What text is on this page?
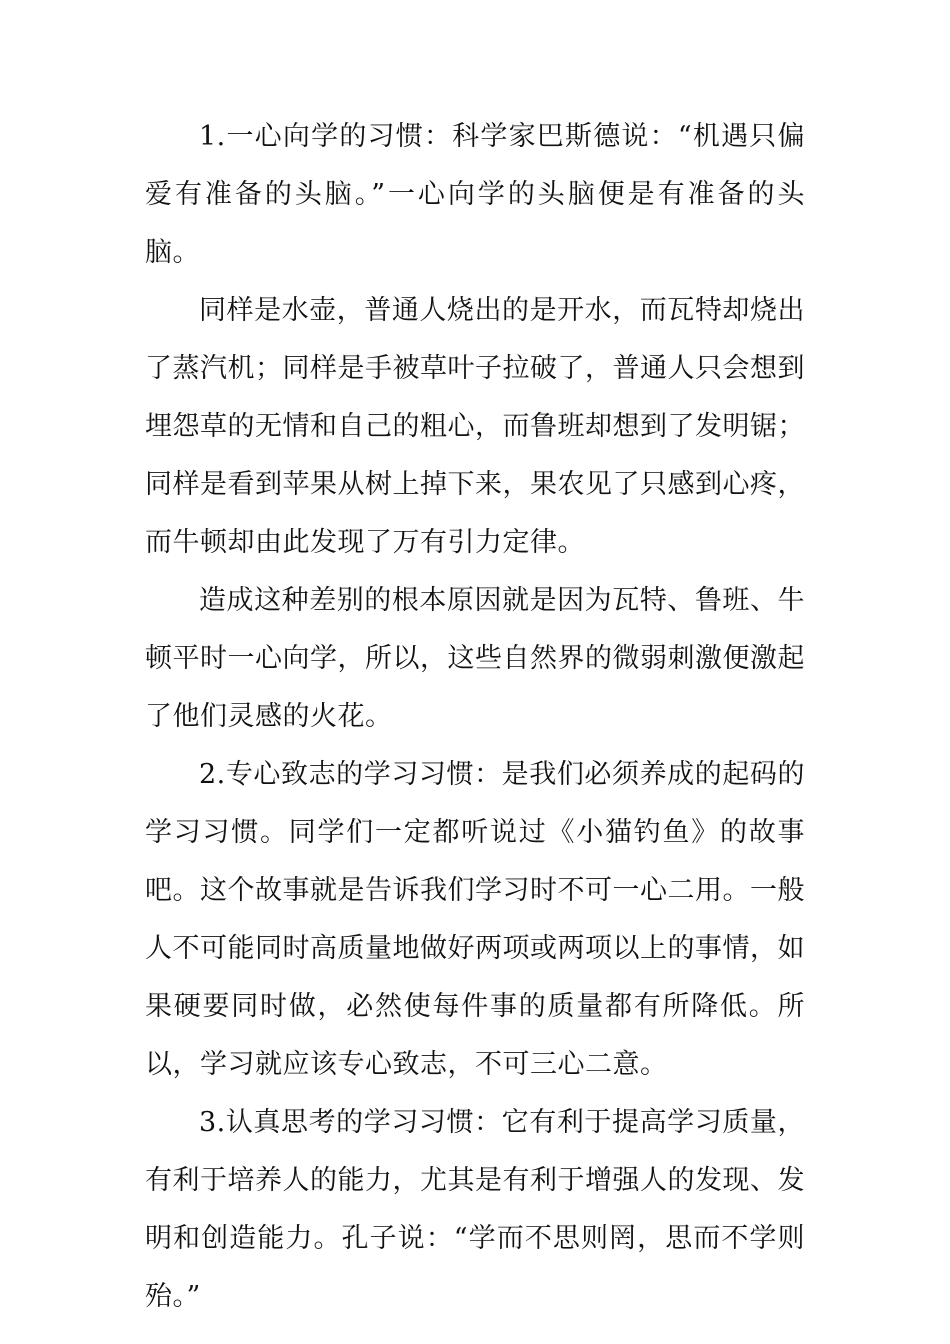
1.一心向学的习惯：科学家巴斯德说：“机遇只偏爱有准备的头脑。”一心向学的头脑便是有准备的头脑。

同样是水壶，普通人烧出的是开水，而瓦特却烧出了蒸汽机；同样是手被草叶子拉破了，普通人只会想到埋怨草的无情和自己的粗心，而鲁班却想到了发明锯；同样是看到苹果从树上掉下来，果农见了只感到心疼，而牛顿却由此发现了万有引力定律。

造成这种差别的根本原因就是因为瓦特、鲁班、牛顿平时一心向学，所以，这些自然界的微弱刺激便激起了他们灵感的火花。

2.专心致志的学习习惯：是我们必须养成的起码的学习习惯。同学们一定都听说过《小猫钓鱼》的故事吧。这个故事就是告诉我们学习时不可一心二用。一般人不可能同时高质量地做好两项或两项以上的事情，如果硬要同时做，必然使每件事的质量都有所降低。所以，学习就应该专心致志，不可三心二意。

3.认真思考的学习习惯：它有利于提高学习质量，有利于培养人的能力，尤其是有利于增强人的发现、发明和创造能力。孔子说：“学而不思则罔，思而不学则殆。”
